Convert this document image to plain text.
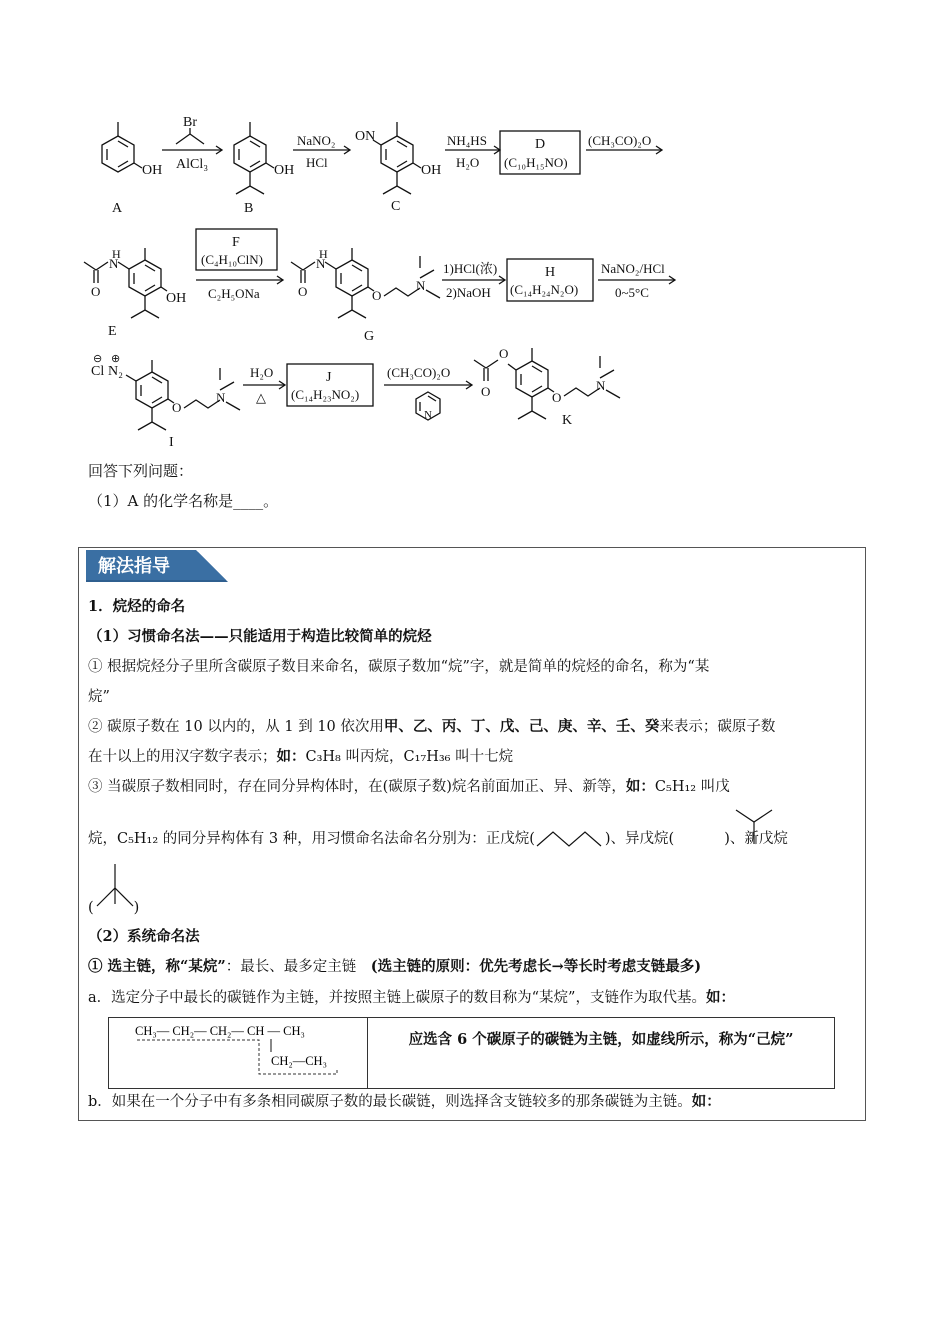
OH
A
Br
AlCl₃	OH
B
NaNO₂
HCl
ON
OH
C
NH₄HS
H₂O
D
(C₁₀H₁₅NO)
(CH₃CO)₂O
H
N
O	OH
E
F
(C₄H₁₀ClN)
C₂H₅ONa
H
N
O	O
N
G
1)HCl(浓)
2)NaOH
H
(C₁₄H₂₄N₂O)
NaNO₂/HCl
0~5°C
⊖ ⊕
Cl N₂
O
N
I
H₂O
△
J
(C₁₄H₂₃NO₂)
(CH₃CO)₂O
N
O
O	O
N
K
回答下列问题：
（1）A 的化学名称是____。
解法指导
1．烷烃的命名
（1）习惯命名法——只能适用于构造比较简单的烷烃
① 根据烷烃分子里所含碳原子数目来命名，碳原子数加“烷”字，就是简单的烷烃的命名，称为“某
烷”
② 碳原子数在 10 以内的，从 1 到 10 依次用甲、乙、丙、丁、戊、己、庚、辛、壬、癸来表示；碳原子数
在十以上的用汉字数字表示；如：C₃H₈ 叫丙烷，C₁₇H₃₆ 叫十七烷
③ 当碳原子数相同时，存在同分异构体时，在(碳原子数)烷名前面加正、异、新等，如：C₅H₁₂ 叫戊
烷，C₅H₁₂ 的同分异构体有 3 种，用习惯命名法命名分别为：正戊烷(	)、异戊烷(	)、新戊烷
(	)
（2）系统命名法
① 选主链，称“某烷”：最长、最多定主链　(选主链的原则：优先考虑长→等长时考虑支链最多)
a．选定分子中最长的碳链作为主链，并按照主链上碳原子的数目称为“某烷”，支链作为取代基。如：
CH₃— CH₂— CH₂— CH — CH₃
CH₂—CH₃
应选含 6 个碳原子的碳链为主链，如虚线所示，称为“己烷”
b．如果在一个分子中有多条相同碳原子数的最长碳链，则选择含支链较多的那条碳链为主链。如：
